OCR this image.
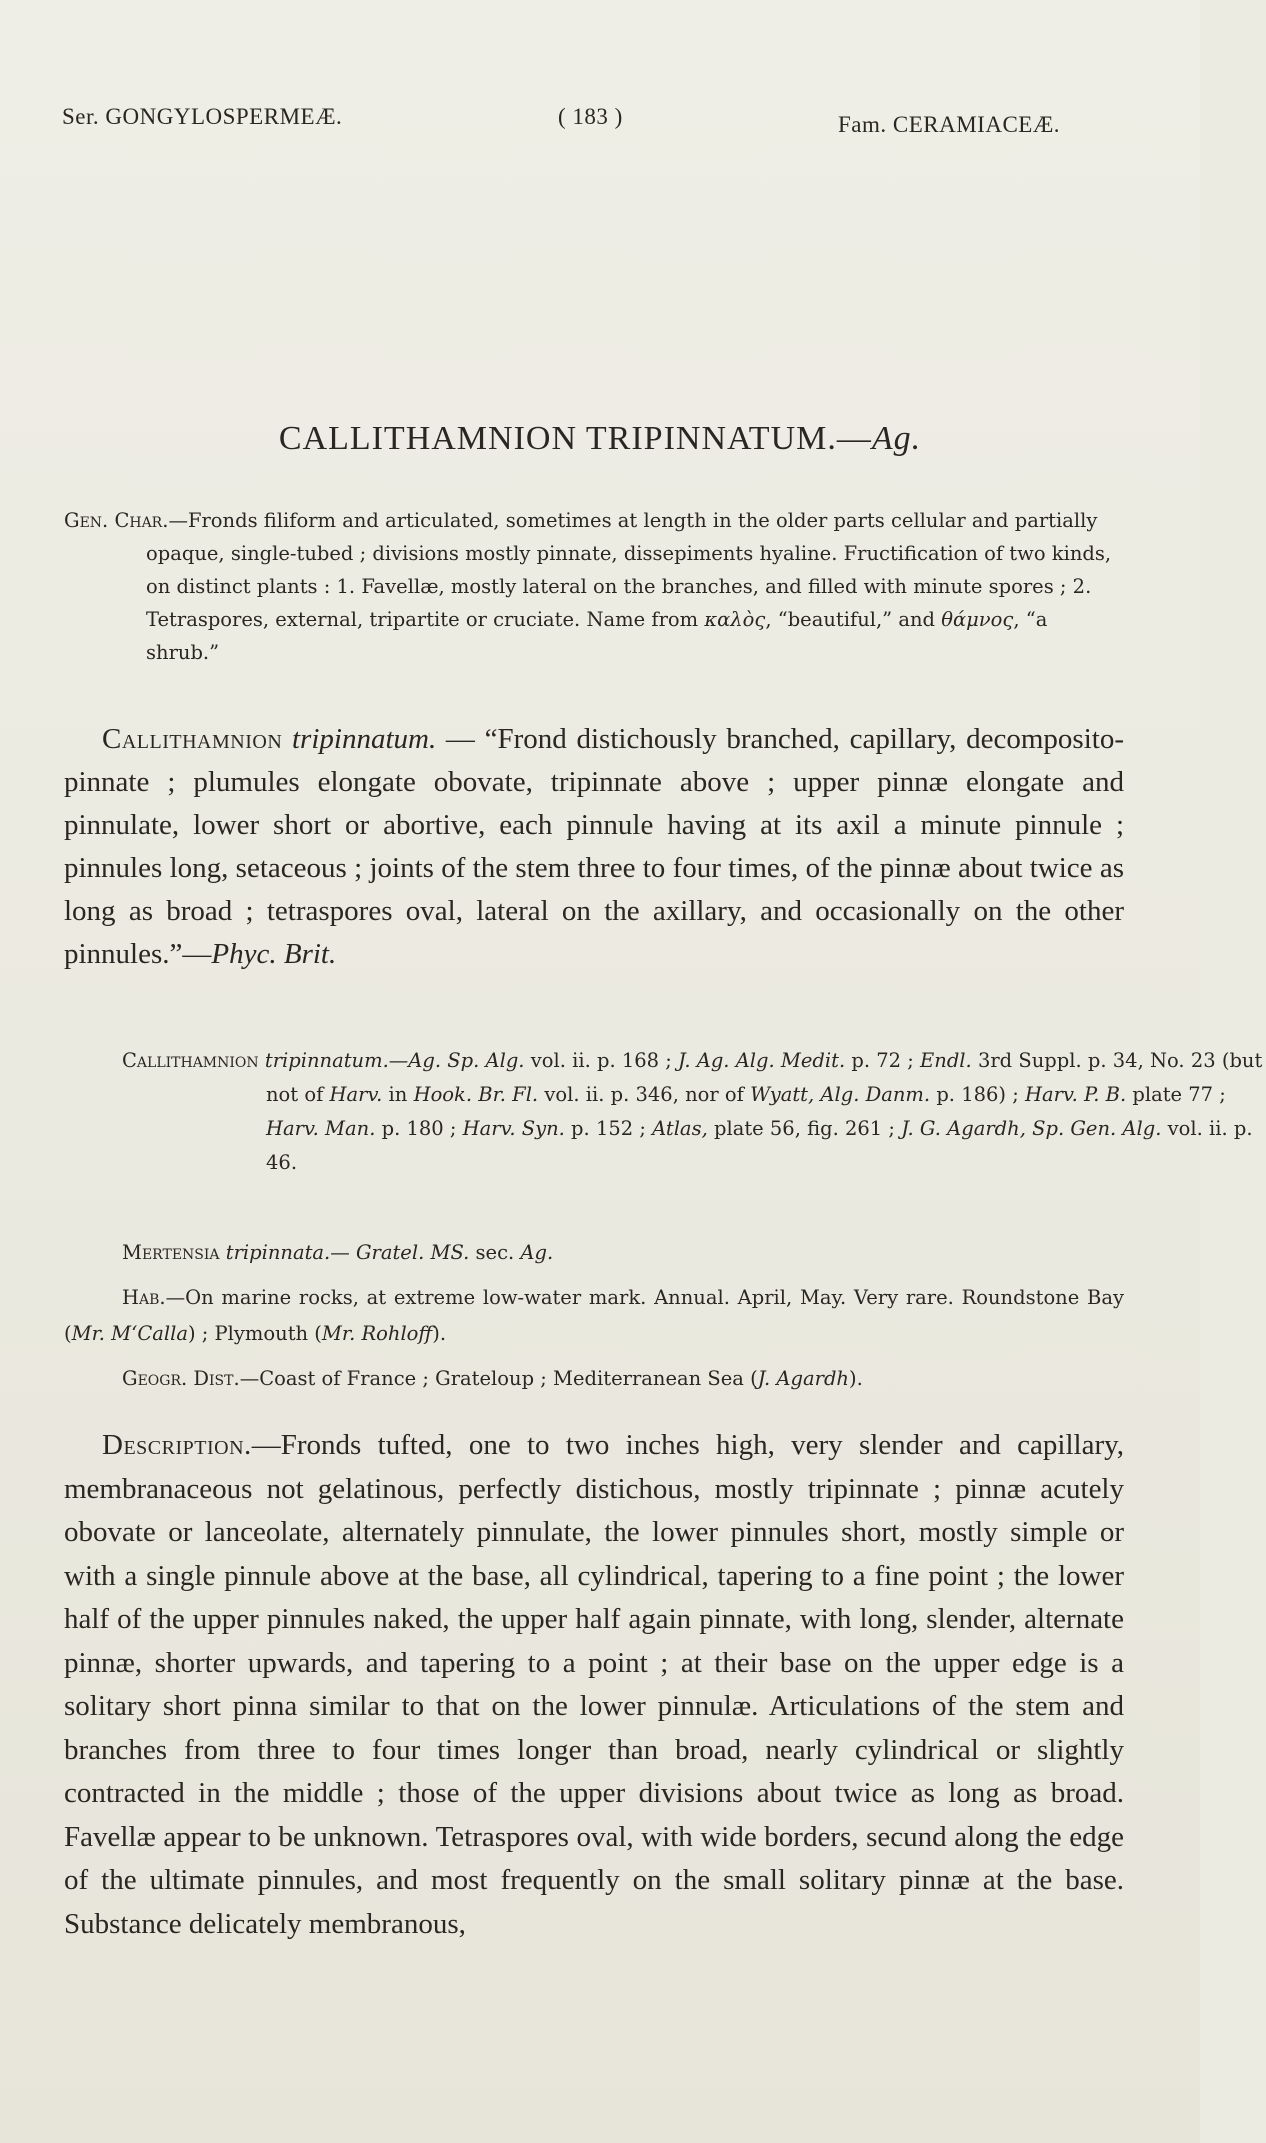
Ser. GONGYLOSPERMEÆ.	( 183 )	Fam. CERAMIACEÆ.
CALLITHAMNION TRIPINNATUM.—Ag.
Gen. Char.—Fronds filiform and articulated, sometimes at length in the older parts cellular and partially opaque, single-tubed ; divisions mostly pinnate, dissepiments hyaline. Fructification of two kinds, on distinct plants : 1. Favellæ, mostly lateral on the branches, and filled with minute spores ; 2. Tetraspores, external, tripartite or cruciate. Name from καλὸς, “beautiful,” and θάμνος, “a shrub.”

Callithamnion tripinnatum. — “Frond distichously branched, capillary, decomposito-pinnate ; plumules elongate obovate, tripinnate above ; upper pinnæ elongate and pinnulate, lower short or abortive, each pinnule having at its axil a minute pinnule ; pinnules long, setaceous ; joints of the stem three to four times, of the pinnæ about twice as long as broad ; tetraspores oval, lateral on the axillary, and occasionally on the other pinnules.”—Phyc. Brit.

Callithamnion tripinnatum.—Ag. Sp. Alg. vol. ii. p. 168 ; J. Ag. Alg. Medit. p. 72 ; Endl. 3rd Suppl. p. 34, No. 23 (but not of Harv. in Hook. Br. Fl. vol. ii. p. 346, nor of Wyatt, Alg. Danm. p. 186) ; Harv. P. B. plate 77 ; Harv. Man. p. 180 ; Harv. Syn. p. 152 ; Atlas, plate 56, fig. 261 ; J. G. Agardh, Sp. Gen. Alg. vol. ii. p. 46.
Mertensia tripinnata.— Gratel. MS. sec. Ag.

Hab.—On marine rocks, at extreme low-water mark. Annual. April, May. Very rare. Roundstone Bay (Mr. M‘Calla) ; Plymouth (Mr. Rohloff).

Geogr. Dist.—Coast of France ; Grateloup ; Mediterranean Sea (J. Agardh).

Description.—Fronds tufted, one to two inches high, very slender and capillary, membranaceous not gelatinous, perfectly distichous, mostly tripinnate ; pinnæ acutely obovate or lanceolate, alternately pinnulate, the lower pinnules short, mostly simple or with a single pinnule above at the base, all cylindrical, tapering to a fine point ; the lower half of the upper pinnules naked, the upper half again pinnate, with long, slender, alternate pinnæ, shorter upwards, and tapering to a point ; at their base on the upper edge is a solitary short pinna similar to that on the lower pinnulæ. Articulations of the stem and branches from three to four times longer than broad, nearly cylindrical or slightly contracted in the middle ; those of the upper divisions about twice as long as broad. Favellæ appear to be unknown. Tetraspores oval, with wide borders, secund along the edge of the ultimate pinnules, and most frequently on the small solitary pinnæ at the base. Substance delicately membranous,
